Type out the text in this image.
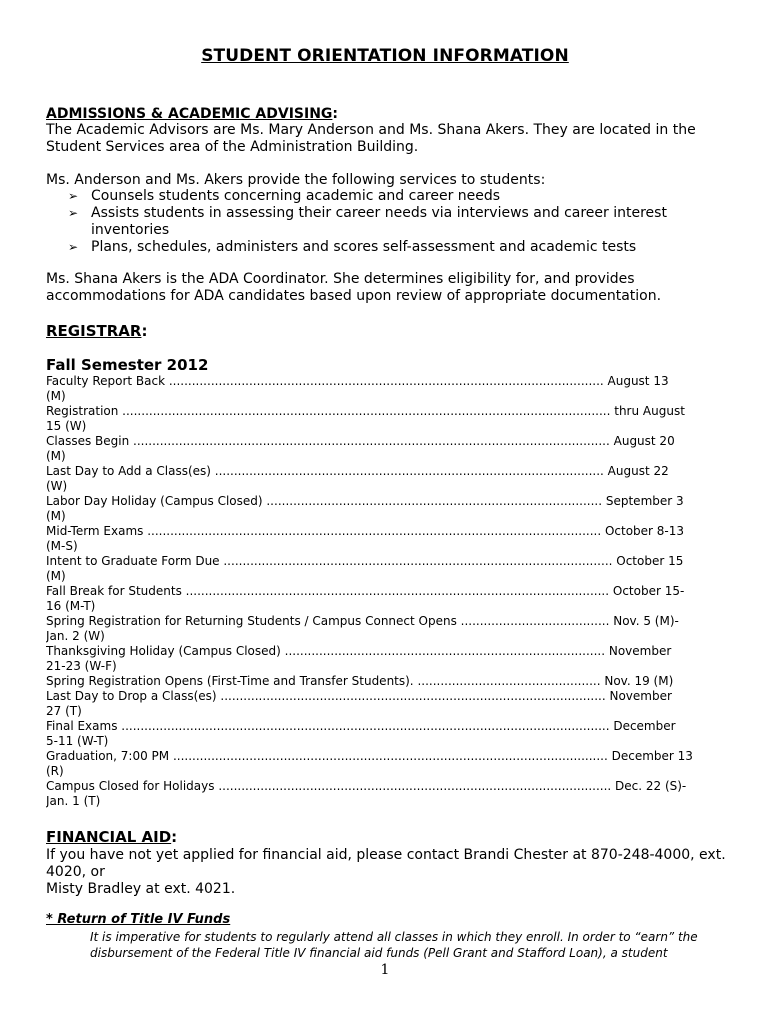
STUDENT ORIENTATION INFORMATION
ADMISSIONS & ACADEMIC ADVISING:
The Academic Advisors are Ms. Mary Anderson and Ms. Shana Akers. They are located in the Student Services area of the Administration Building.
Ms. Anderson and Ms. Akers provide the following services to students:
➢ Counsels students concerning academic and career needs
➢ Assists students in assessing their career needs via interviews and career interest inventories
➢ Plans, schedules, administers and scores self-assessment and academic tests
Ms. Shana Akers is the ADA Coordinator. She determines eligibility for, and provides accommodations for ADA candidates based upon review of appropriate documentation.
REGISTRAR:
Fall Semester 2012
Faculty Report Back .................................................................................................................. August 13
(M)
Registration ................................................................................................................................ thru August
15 (W)
Classes Begin ............................................................................................................................. August 20
(M)
Last Day to Add a Class(es) ...................................................................................................... August 22
(W)
Labor Day Holiday (Campus Closed) ........................................................................................ September 3
(M)
Mid-Term Exams ....................................................................................................................... October 8-13
(M-S)
Intent to Graduate Form Due ...................................................................................................... October 15
(M)
Fall Break for Students ............................................................................................................... October 15-
16 (M-T)
Spring Registration for Returning Students / Campus Connect Opens ....................................... Nov. 5 (M)-
Jan. 2 (W)
Thanksgiving Holiday (Campus Closed) .................................................................................... November
21-23 (W-F)
Spring Registration Opens (First-Time and Transfer Students). ................................................ Nov. 19 (M)
Last Day to Drop a Class(es) ..................................................................................................... November
27 (T)
Final Exams ................................................................................................................................ December
5-11 (W-T)
Graduation, 7:00 PM .................................................................................................................. December 13
(R)
Campus Closed for Holidays ....................................................................................................... Dec. 22 (S)-
Jan. 1 (T)
FINANCIAL AID:
If you have not yet applied for financial aid, please contact Brandi Chester at 870-248-4000, ext. 4020, or
Misty Bradley at ext. 4021.
* Return of Title IV Funds
It is imperative for students to regularly attend all classes in which they enroll. In order to “earn” the disbursement of the Federal Title IV financial aid funds (Pell Grant and Stafford Loan), a student
1
